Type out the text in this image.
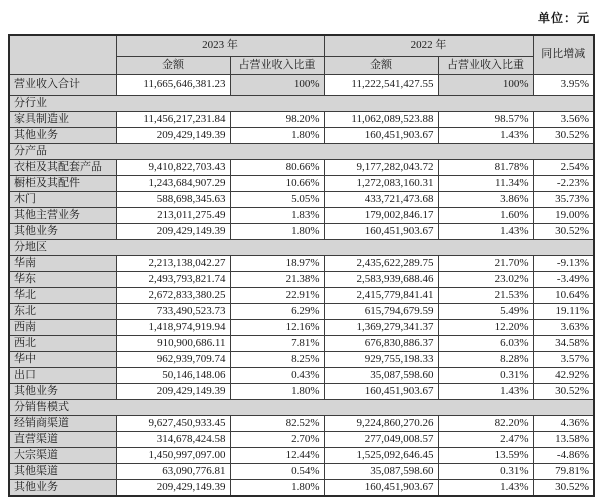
单位：元
	2023 年		2022 年		同比增减
	金额	占营业收入比重	金额	占营业收入比重	
营业收入合计	11,665,646,381.23	100%	11,222,541,427.55	100%	3.95%
分行业					
家具制造业	11,456,217,231.84	98.20%	11,062,089,523.88	98.57%	3.56%
其他业务	209,429,149.39	1.80%	160,451,903.67	1.43%	30.52%
分产品					
衣柜及其配套产品	9,410,822,703.43	80.66%	9,177,282,043.72	81.78%	2.54%
橱柜及其配件	1,243,684,907.29	10.66%	1,272,083,160.31	11.34%	-2.23%
木门	588,698,345.63	5.05%	433,721,473.68	3.86%	35.73%
其他主营业务	213,011,275.49	1.83%	179,002,846.17	1.60%	19.00%
其他业务	209,429,149.39	1.80%	160,451,903.67	1.43%	30.52%
分地区					
华南	2,213,138,042.27	18.97%	2,435,622,289.75	21.70%	-9.13%
华东	2,493,793,821.74	21.38%	2,583,939,688.46	23.02%	-3.49%
华北	2,672,833,380.25	22.91%	2,415,779,841.41	21.53%	10.64%
东北	733,490,523.73	6.29%	615,794,679.59	5.49%	19.11%
西南	1,418,974,919.94	12.16%	1,369,279,341.37	12.20%	3.63%
西北	910,900,686.11	7.81%	676,830,886.37	6.03%	34.58%
华中	962,939,709.74	8.25%	929,755,198.33	8.28%	3.57%
出口	50,146,148.06	0.43%	35,087,598.60	0.31%	42.92%
其他业务	209,429,149.39	1.80%	160,451,903.67	1.43%	30.52%
分销售模式					
经销商渠道	9,627,450,933.45	82.52%	9,224,860,270.26	82.20%	4.36%
直营渠道	314,678,424.58	2.70%	277,049,008.57	2.47%	13.58%
大宗渠道	1,450,997,097.00	12.44%	1,525,092,646.45	13.59%	-4.86%
其他渠道	63,090,776.81	0.54%	35,087,598.60	0.31%	79.81%
其他业务	209,429,149.39	1.80%	160,451,903.67	1.43%	30.52%
